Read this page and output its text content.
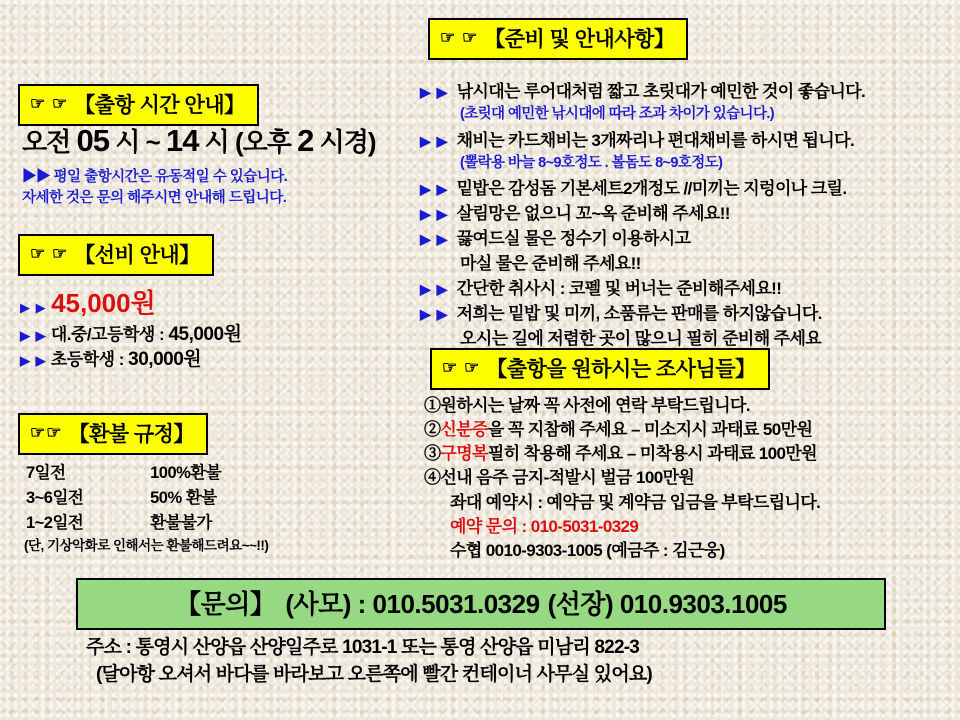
☞ ☞ 【출항 시간 안내】
오전 05 시 ~ 14 시 (오후 2 시경)
▶▶ 평일 출항시간은 유동적일 수 있습니다.
자세한 것은 문의 해주시면 안내해 드립니다.
☞ ☞ 【선비 안내】
▶ ▶ 45,000원
▶ ▶ 대.중/고등학생 : 45,000원
▶ ▶ 초등학생 : 30,000원
☞☞ 【환불 규정】
7일전	100%환불
3~6일전	50% 환불
1~2일전	환불불가
(단, 기상악화로 인해서는 환불해드려요~~!!)
☞ ☞ 【준비 및 안내사항】
▶ ▶ 낚시대는 루어대처럼 짧고 초릿대가 예민한 것이 좋습니다.
(초릿대 예민한 낚시대에 따라 조과 차이가 있습니다.)
▶ ▶ 채비는 카드채비는 3개짜리나 편대채비를 하시면 됩니다.
(뽈락용 바늘 8~9호정도 . 볼돔도 8~9호정도)
▶ ▶ 밑밥은 감성돔 기본세트2개정도 //미끼는 지렁이나 크릴.
▶ ▶ 살림망은 없으니 꼬~옥 준비해 주세요!!
▶ ▶ 끓여드실 물은 정수기 이용하시고
마실 물은 준비해 주세요!!
▶ ▶ 간단한 취사시 : 코펠 및 버너는 준비해주세요!!
▶ ▶ 저희는 밑밥 및 미끼, 소품류는 판매를 하지않습니다.
오시는 길에 저렴한 곳이 많으니 필히 준비해 주세요
☞ ☞ 【출항을 원하시는 조사님들】
①원하시는 날짜 꼭 사전에 연락 부탁드립니다.
②신분증을 꼭 지참해 주세요 – 미소지시 과태료 50만원
③구명복필히 착용해 주세요 – 미착용시 과태료 100만원
④선내 음주 금지-적발시 벌금 100만원
좌대 예약시 : 예약금 및 계약금 입금을 부탁드립니다.
예약 문의 : 010-5031-0329
수협 0010-9303-1005 (예금주 : 김근웅)
【문의】 (사모) : 010.5031.0329 (선장) 010.9303.1005
주소 : 통영시 산양읍 산양일주로 1031-1 또는 통영 산양읍 미남리 822-3
(달아항 오셔서 바다를 바라보고 오른쪽에 빨간 컨테이너 사무실 있어요)
